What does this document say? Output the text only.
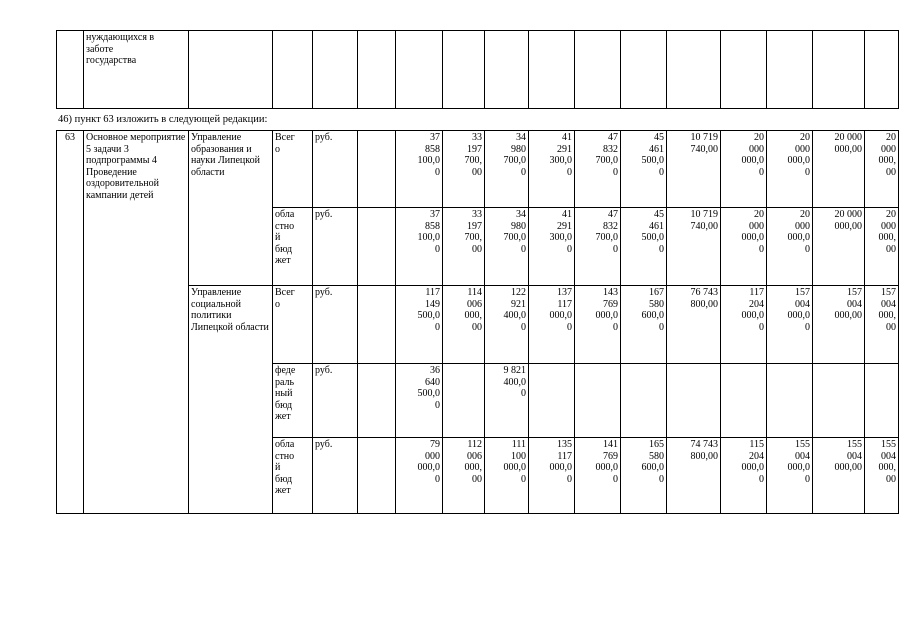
	нуждающихся в
заботе
государства															
46) пункт 63 изложить в следующей редакции:
63	Основное мероприятие 5 задачи 3 подпрограммы 4 Проведение оздоровительной кампании детей	Управление образования и науки Липецкой области	Всег
о	руб.		37
858
100,0
0	33
197
700,
00	34
980
700,0
0	41
291
300,0
0	47
832
700,0
0	45
461
500,0
0	10 719
740,00	20
000
000,0
0	20
000
000,0
0	20 000
000,00	20
000
000,
00
			обла
стно
й
бюд
жет	руб.		37
858
100,0
0	33
197
700,
00	34
980
700,0
0	41
291
300,0
0	47
832
700,0
0	45
461
500,0
0	10 719
740,00	20
000
000,0
0	20
000
000,0
0	20 000
000,00	20
000
000,
00
		Управление социальной политики Липецкой области	Всег
о	руб.		117
149
500,0
0	114
006
000,
00	122
921
400,0
0	137
117
000,0
0	143
769
000,0
0	167
580
600,0
0	76 743
800,00	117
204
000,0
0	157
004
000,0
0	157
004
000,00	157
004
000,
00
			феде
раль
ный
бюд
жет	руб.		36
640
500,0
0		9 821
400,0
0								
			обла
стно
й
бюд
жет	руб.		79
000
000,0
0	112
006
000,
00	111
100
000,0
0	135
117
000,0
0	141
769
000,0
0	165
580
600,0
0	74 743
800,00	115
204
000,0
0	155
004
000,0
0	155
004
000,00	155
004
000,
00
